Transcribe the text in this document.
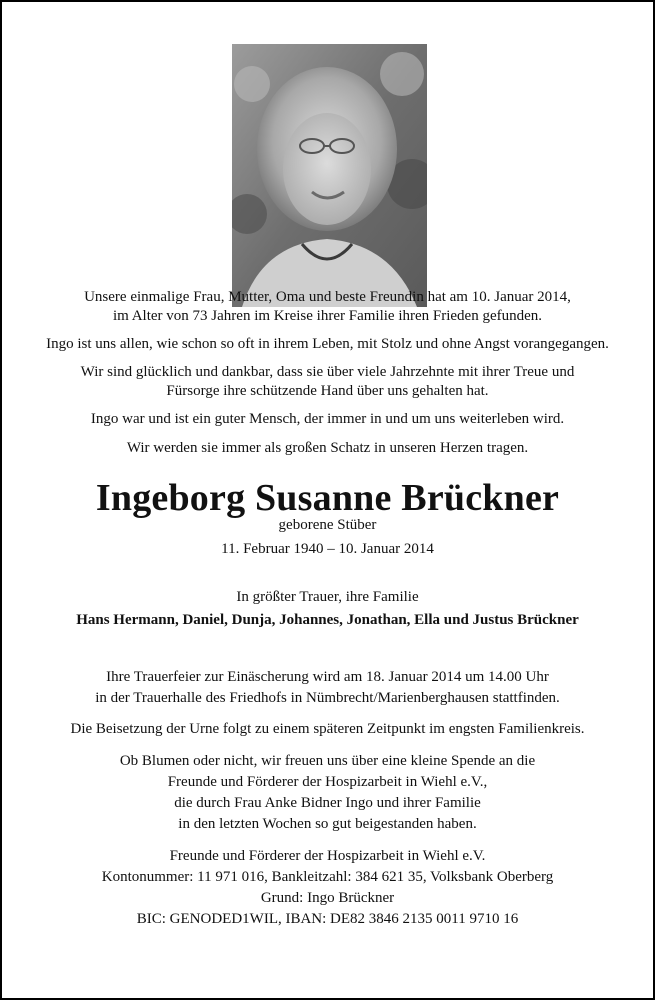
Unsere einmalige Frau, Mutter, Oma und beste Freundin hat am 10. Januar 2014,

im Alter von 73 Jahren im Kreise ihrer Familie ihren Frieden gefunden.

Ingo ist uns allen, wie schon so oft in ihrem Leben, mit Stolz und ohne Angst vorangegangen.

Wir sind glücklich und dankbar, dass sie über viele Jahrzehnte mit ihrer Treue und

Fürsorge ihre schützende Hand über uns gehalten hat.

Ingo war und ist ein guter Mensch, der immer in und um uns weiterleben wird.

Wir werden sie immer als großen Schatz in unseren Herzen tragen.

Ingeborg Susanne Brückner

geborene Stüber

11. Februar 1940 – 10. Januar 2014

In größter Trauer, ihre Familie

Hans Hermann, Daniel, Dunja, Johannes, Jonathan, Ella und Justus Brückner

Ihre Trauerfeier zur Einäscherung wird am 18. Januar 2014 um 14.00 Uhr

in der Trauerhalle des Friedhofs in Nümbrecht/Marienberghausen stattfinden.

Die Beisetzung der Urne folgt zu einem späteren Zeitpunkt im engsten Familienkreis.

Ob Blumen oder nicht, wir freuen uns über eine kleine Spende an die

Freunde und Förderer der Hospizarbeit in Wiehl e.V.,

die durch Frau Anke Bidner Ingo und ihrer Familie

in den letzten Wochen so gut beigestanden haben.

Freunde und Förderer der Hospizarbeit in Wiehl e.V.

Kontonummer: 11 971 016, Bankleitzahl: 384 621 35, Volksbank Oberberg

Grund: Ingo Brückner

BIC: GENODED1WIL, IBAN: DE82 3846 2135 0011 9710 16
